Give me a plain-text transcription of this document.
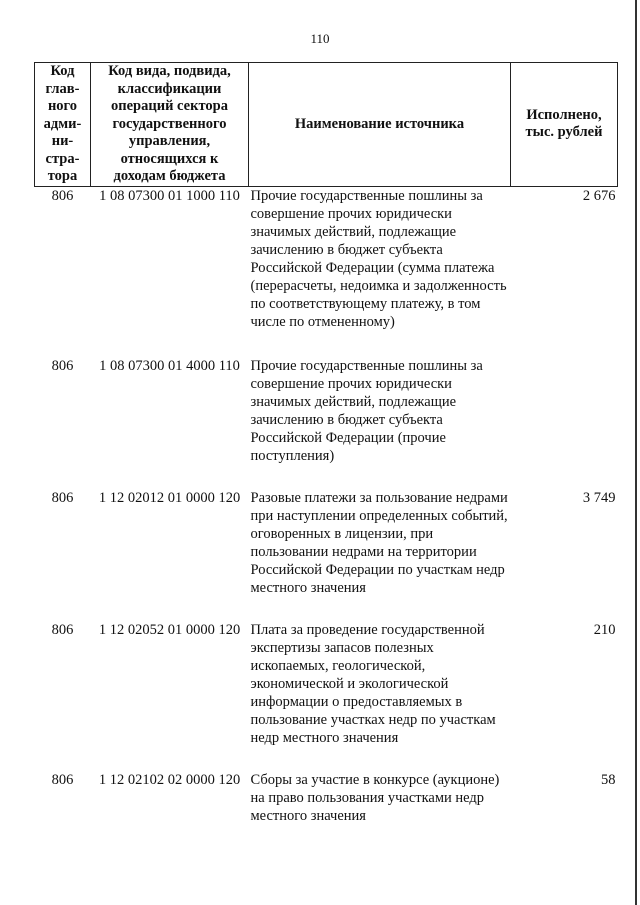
110
Код глав-ного адми-ни-стра-тора	Код вида, подвида, классификации операций сектора государственного управления, относящихся к доходам бюджета	Наименование источника	Исполнено, тыс. рублей
806	1 08 07300 01 1000 110	Прочие государственные пошлины за совершение прочих юридически значимых действий, подлежащие зачислению в бюджет субъекта Российской Федерации (сумма платежа (перерасчеты, недоимка и задолженность по соответствующему платежу, в том числе по отмененному)	2 676
806	1 08 07300 01 4000 110	Прочие государственные пошлины за совершение прочих юридически значимых действий, подлежащие зачислению в бюджет субъекта Российской Федерации (прочие поступления)	
806	1 12 02012 01 0000 120	Разовые платежи за пользование недрами при наступлении определенных событий, оговоренных в лицензии, при пользовании недрами на территории Российской Федерации по участкам недр местного значения	3 749
806	1 12 02052 01 0000 120	Плата за проведение государственной экспертизы запасов полезных ископаемых, геологической, экономической и экологической информации о предоставляемых в пользование участках недр по участкам недр местного значения	210
806	1 12 02102 02 0000 120	Сборы за участие в конкурсе (аукционе) на право пользования участками недр местного значения	58
